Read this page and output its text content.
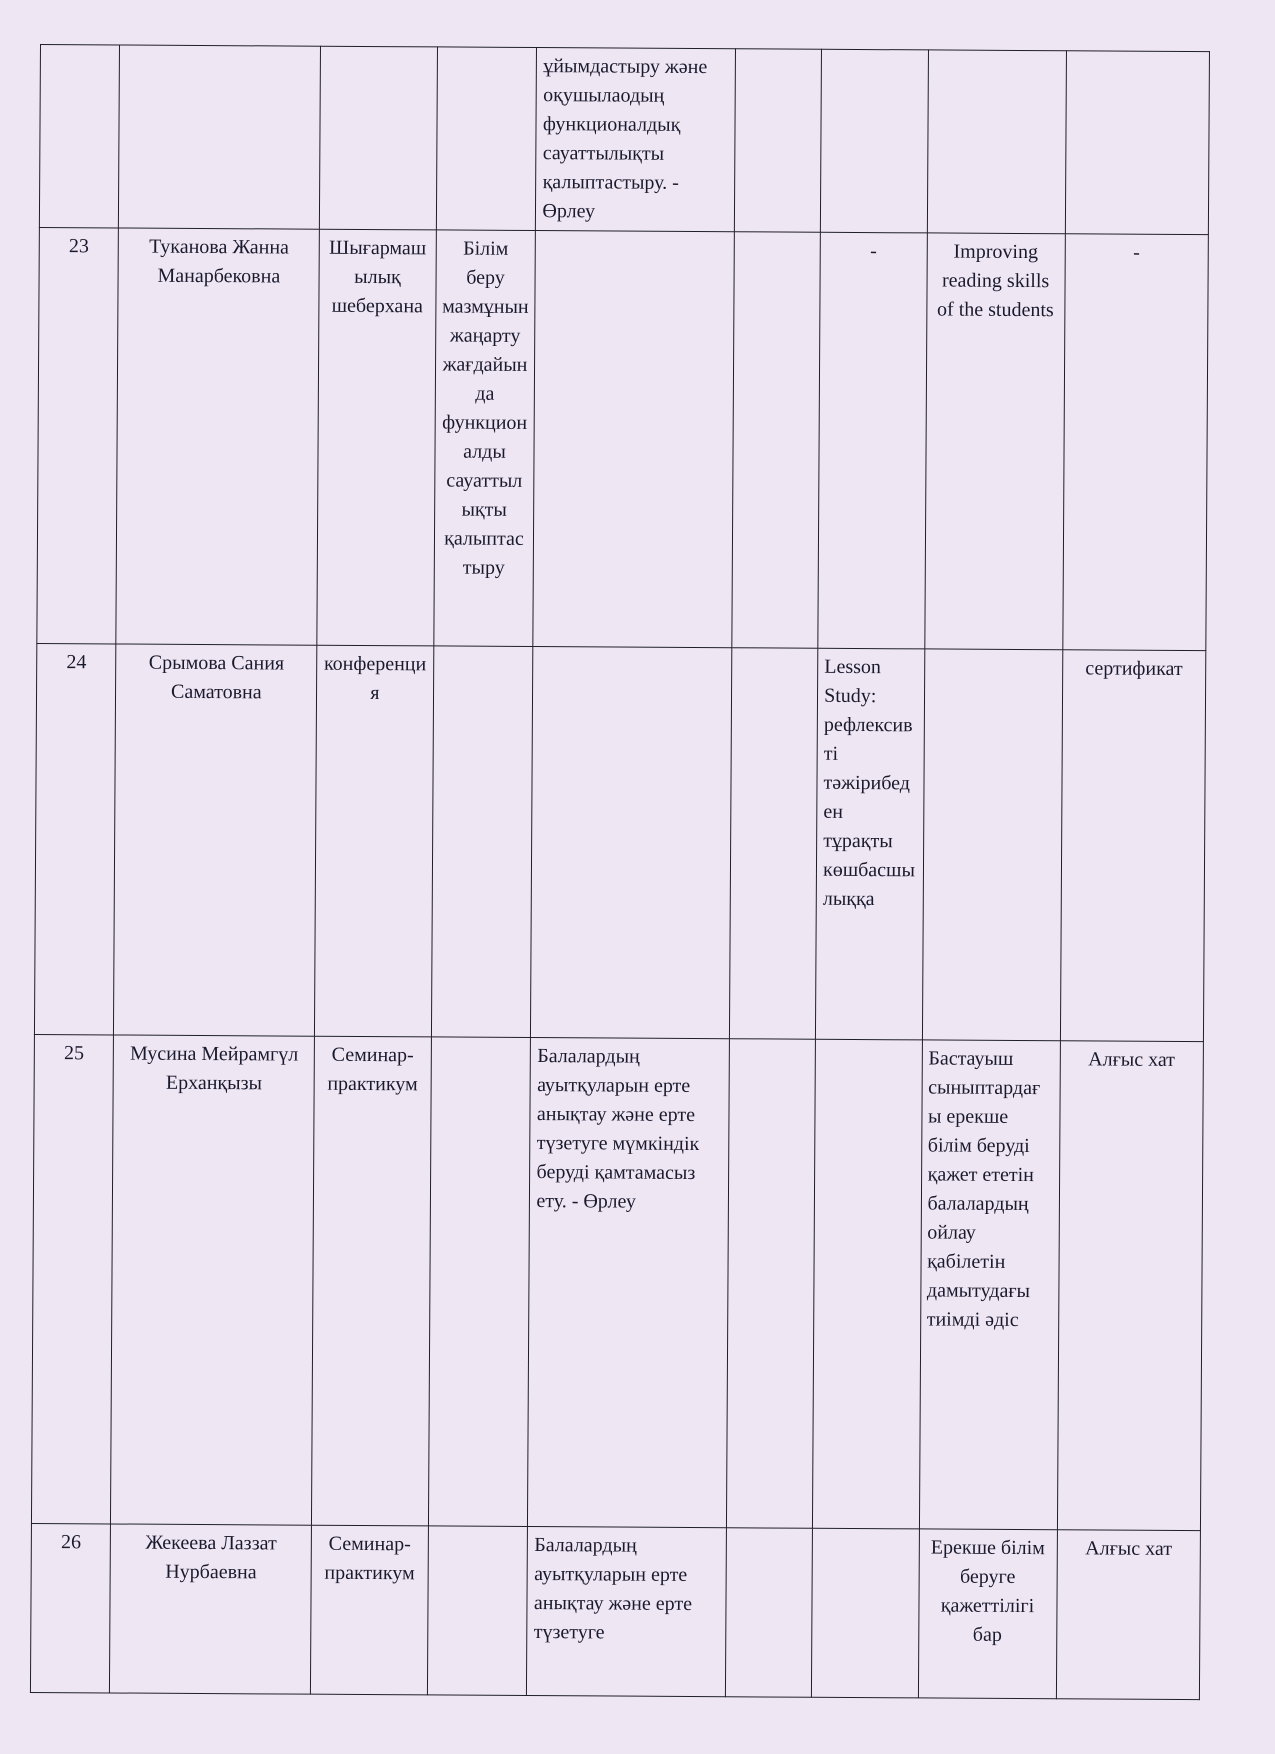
				ұйымдастыру және оқушылаодың функционалдық сауаттылықты қалыптастыру. - Өрлеу				
23	Туканова Жанна Манарбековна	Шығармашылық шеберхана	Білім беру мазмұнын жаңарту жағдайында функционалды сауаттылықты қалыптастыру			-	Improving reading skills of the students	-
24	Срымова Сания Саматовна	конференция				Lesson Study: рефлексивті тәжірибеден тұрақты көшбасшылыққа		сертификат
25	Мусина Мейрамгүл Ерханқызы	Семинар-практикум		Балалардың ауытқуларын ерте анықтау және ерте түзетуге мүмкіндік беруді қамтамасыз ету. - Өрлеу			Бастауыш сыныптардағы ерекше білім беруді қажет ететін балалардың ойлау қабілетін дамытудағы тиімді әдіс	Алғыс хат
26	Жекеева Лаззат Нурбаевна	Семинар-практикум		Балалардың ауытқуларын ерте анықтау және ерте түзетуге			Ерекше білім беруге қажеттілігі бар	Алғыс хат
